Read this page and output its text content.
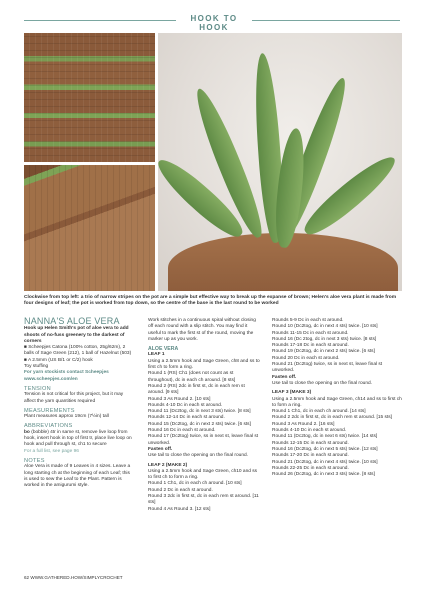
HOOK TO HOOK
Clockwise from top left: a trio of narrow stripes on the pot are a simple but effective way to break up the expanse of brown; Helen's aloe vera plant is made from four designs of leaf; the pot is worked from top down, so the centre of the base is the last round to be worked
NANNA'S ALOE VERA
Hook up Helen Smith's pot of aloe vera to add shoots of no-fuss greenery to the darkest of corners
■ Scheepjes Catona (100% cotton, 25g/62m), 2 balls of Sage Green (212), 1 ball of Hazelnut (503)
■ A 2.5mm (US B/1 or C/2) hook
Toy stuffing
For yarn stockists contact Scheepjes www.scheepjes.com/en
TENSION
Tension is not critical for this project, but it may affect the yarn quantities required
MEASUREMENTS
Plant measures approx 19cm (7½in) tall
ABBREVIATIONS
bo (bobble) 4tr in same st, remove live loop from hook, insert hook in top of first tr, place live loop on hook and pull through st, ch1 to secure
For a full list, see page 96
NOTES
Aloe Vera is made of 9 Leaves in 4 sizes. Leave a long starting ch at the beginning of each Leaf; this is used to sew the Leaf to the Plant. Pattern is worked in the amigurumi style.
Work stitches in a continuous spiral without closing off each round with a slip stitch. You may find it useful to mark the first st of the round, moving the marker up as you work.
ALOE VERA
LEAF 1
Using a 2.5mm hook and Sage Green, ch8 and ss to first ch to form a ring.
Round 1 (RS) Ch1 (does not count as st throughout), dc in each ch around. [8 sts]
Round 2 (RS) 2dc in first st, dc in each rem st around. [9 sts]
Round 3 As Round 2. [10 sts]
Rounds 4-10 Dc in each st around.
Round 11 (Dc2tog, dc in next 3 sts) twice. [8 sts]
Rounds 12-14 Dc in each st around.
Round 15 (Dc2tog, dc in next 2 sts) twice. [6 sts]
Round 16 Dc in each st around.
Round 17 (Dc2tog) twice, ss in next st, leave final st unworked.
Fasten off.
Use tail to close the opening on the final round.
LEAF 2 (MAKE 2)
Using a 2.5mm hook and Sage Green, ch10 and ss to first ch to form a ring.
Round 1 Ch1, dc in each ch around. [10 sts]
Round 2 Dc in each st around.
Round 3 2dc in first st, dc in each rem st around. [11 sts]
Round 4 As Round 3. [12 sts]
Rounds 5-9 Dc in each st around.
Round 10 (Dc2tog, dc in next 4 sts) twice. [10 sts]
Rounds 11-15 Dc in each st around.
Round 16 (Dc 2tog, dc in next 3 sts) twice. [8 sts]
Rounds 17-18 Dc in each st around.
Round 19 (Dc2tog, dc in next 2 sts) twice. [6 sts]
Round 20 Dc in each st around.
Round 21 (Dc2tog) twice, ss in next st, leave final st unworked.
Fasten off.
Use tail to close the opening on the final round.
LEAF 3 (MAKE 3)
Using a 2.5mm hook and Sage Green, ch14 and ss to first ch to form a ring.
Round 1 Ch1, dc in each ch around. [14 sts]
Round 2 2dc in first st, dc in each rem st around. [15 sts]
Round 3 As Round 2. [16 sts]
Rounds 4-10 Dc in each st around.
Round 11 (Dc2tog, dc in next 6 sts) twice. [14 sts]
Rounds 12-15 Dc in each st around.
Round 16 (Dc2tog, dc in next 5 sts) twice. [12 sts]
Rounds 17-20 Dc in each st around.
Round 21 (Dc2tog, dc in next 4 sts) twice. [10 sts]
Rounds 22-25 Dc in each st around.
Round 26 (Dc2tog, dc in next 3 sts) twice. [8 sts]
62 WWW.GATHERED.HOW/SIMPLYCROCHET
